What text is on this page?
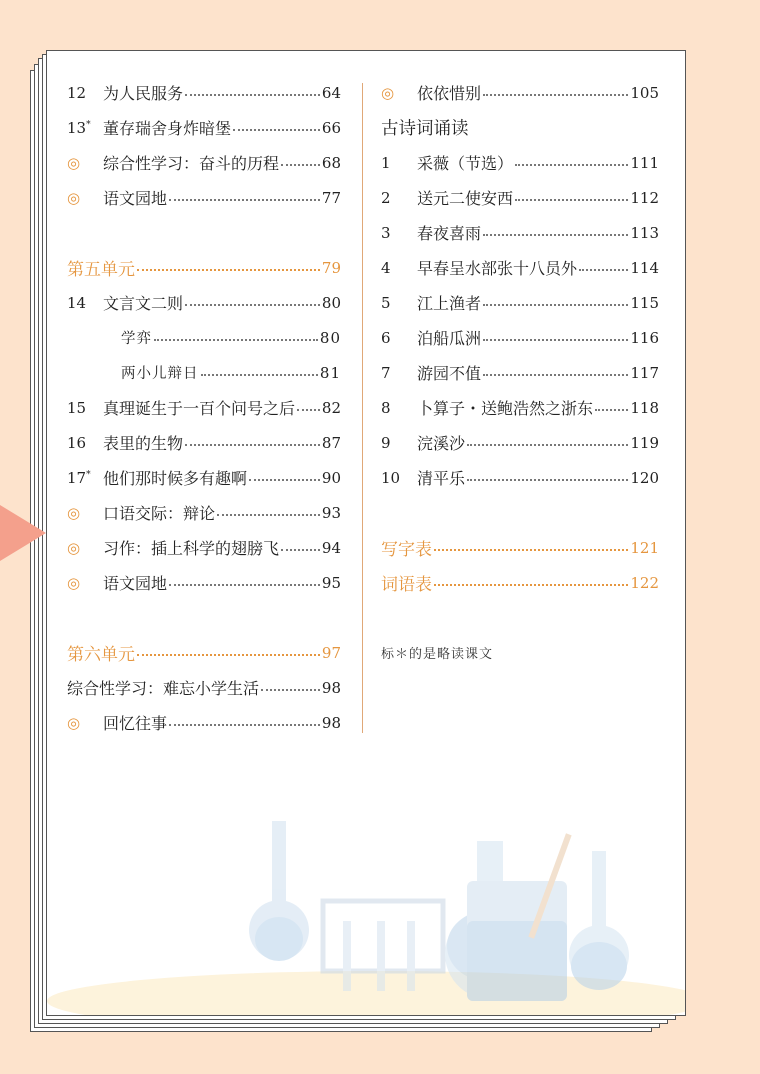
12	为人民服务	64
13* 董存瑞舍身炸暗堡	66
◎	综合性学习：奋斗的历程	68
◎	语文园地	77
第五单元	79
14	文言文二则	80
学弈	80
两小儿辩日	81
15	真理诞生于一百个问号之后 82
16	表里的生物	87
17* 他们那时候多有趣啊	90
◎	口语交际：辩论	93
◎	习作：插上科学的翅膀飞	94
◎	语文园地	95
第六单元	97
综合性学习：难忘小学生活	98
◎	回忆往事	98
◎	依依惜别	105
古诗词诵读
1	采薇（节选）	111
2	送元二使安西	112
3	春夜喜雨	113
4	早春呈水部张十八员外	114
5	江上渔者	115
6	泊船瓜洲	116
7	游园不值	117
8	卜算子・送鲍浩然之浙东 118
9	浣溪沙	119
10	清平乐	120
写字表	121
词语表	122
标＊的是略读课文
